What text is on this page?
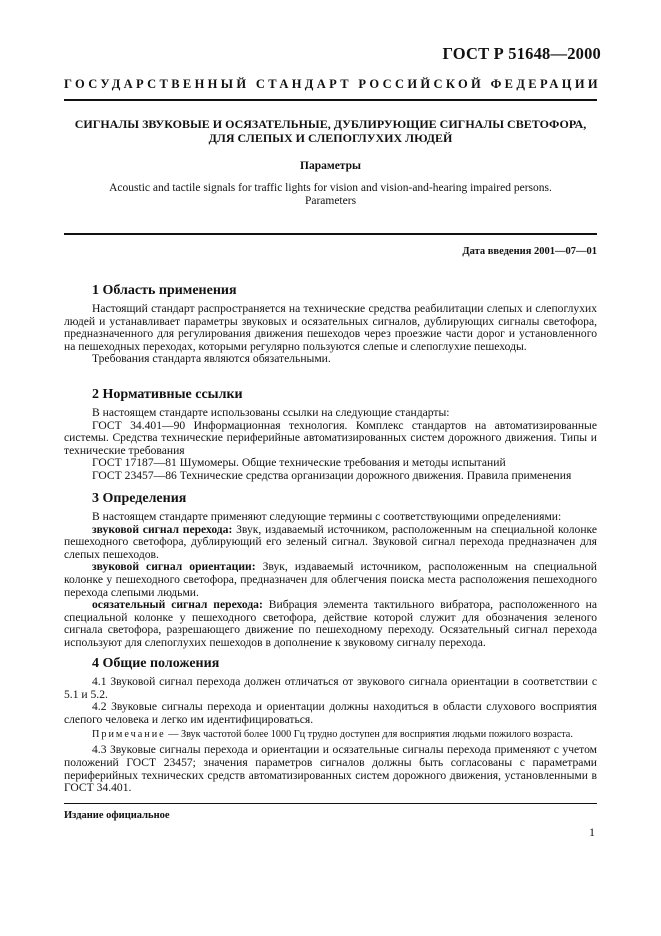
ГОСТ Р 51648—2000
ГОСУДАРСТВЕННЫЙ СТАНДАРТ РОССИЙСКОЙ ФЕДЕРАЦИИ
СИГНАЛЫ ЗВУКОВЫЕ И ОСЯЗАТЕЛЬНЫЕ, ДУБЛИРУЮЩИЕ СИГНАЛЫ СВЕТОФОРА,
ДЛЯ СЛЕПЫХ И СЛЕПОГЛУХИХ ЛЮДЕЙ
Параметры
Acoustic and tactile signals for traffic lights for vision and vision-and-hearing impaired persons.
Parameters
Дата введения 2001—07—01
1 Область применения

Настоящий стандарт распространяется на технические средства реабилитации слепых и слепоглухих людей и устанавливает параметры звуковых и осязательных сигналов, дублирующих сигналы светофора, предназначенного для регулирования движения пешеходов через проезжие части дорог и установленного на пешеходных переходах, которыми регулярно пользуются слепые и слепоглухие пешеходы.

Требования стандарта являются обязательными.

2 Нормативные ссылки

В настоящем стандарте использованы ссылки на следующие стандарты:

ГОСТ 34.401—90 Информационная технология. Комплекс стандартов на автоматизированные системы. Средства технические периферийные автоматизированных систем дорожного движения. Типы и технические требования

ГОСТ 17187—81 Шумомеры. Общие технические требования и методы испытаний

ГОСТ 23457—86 Технические средства организации дорожного движения. Правила применения

3 Определения

В настоящем стандарте применяют следующие термины с соответствующими определениями:

звуковой сигнал перехода: Звук, издаваемый источником, расположенным на специальной колонке пешеходного светофора, дублирующий его зеленый сигнал. Звуковой сигнал перехода предназначен для слепых пешеходов.

звуковой сигнал ориентации: Звук, издаваемый источником, расположенным на специальной колонке у пешеходного светофора, предназначен для облегчения поиска места расположения пешеходного перехода слепыми людьми.

осязательный сигнал перехода: Вибрация элемента тактильного вибратора, расположенного на специальной колонке у пешеходного светофора, действие которой служит для обозначения зеленого сигнала светофора, разрешающего движение по пешеходному переходу. Осязательный сигнал перехода используют для слепоглухих пешеходов в дополнение к звуковому сигналу перехода.

4 Общие положения

4.1 Звуковой сигнал перехода должен отличаться от звукового сигнала ориентации в соответствии с 5.1 и 5.2.

4.2 Звуковые сигналы перехода и ориентации должны находиться в области слухового восприятия слепого человека и легко им идентифицироваться.

Примечание — Звук частотой более 1000 Гц трудно доступен для восприятия людьми пожилого возраста.

4.3 Звуковые сигналы перехода и ориентации и осязательные сигналы перехода применяют с учетом положений ГОСТ 23457; значения параметров сигналов должны быть согласованы с параметрами периферийных технических средств автоматизированных систем дорожного движения, установленными в ГОСТ 34.401.

Издание официальное
1
